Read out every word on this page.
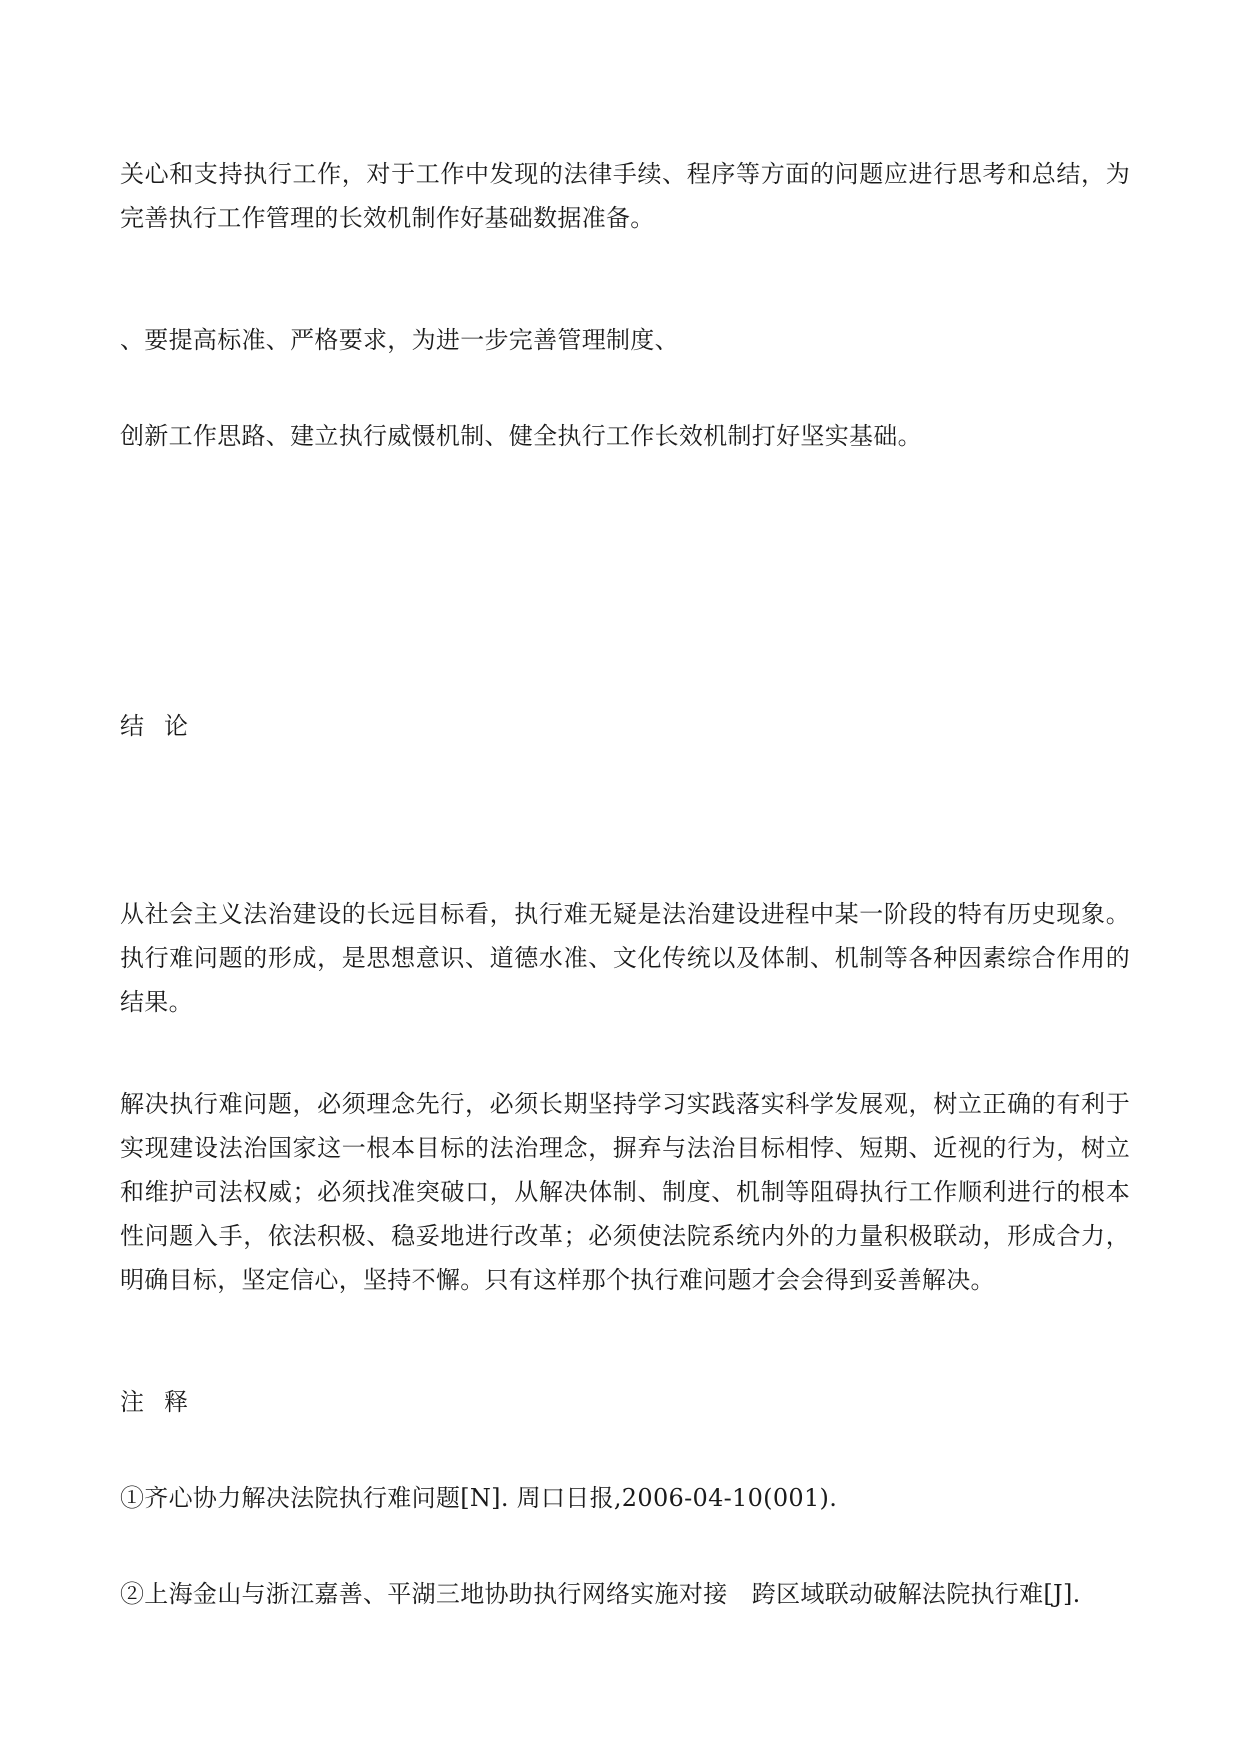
关心和支持执行工作，对于工作中发现的法律手续、程序等方面的问题应进行思考和总结，为完善执行工作管理的长效机制作好基础数据准备。

、要提高标准、严格要求，为进一步完善管理制度、

创新工作思路、建立执行威慑机制、健全执行工作长效机制打好坚实基础。

结论

从社会主义法治建设的长远目标看，执行难无疑是法治建设进程中某一阶段的特有历史现象。执行难问题的形成，是思想意识、道德水准、文化传统以及体制、机制等各种因素综合作用的结果。

解决执行难问题，必须理念先行，必须长期坚持学习实践落实科学发展观，树立正确的有利于实现建设法治国家这一根本目标的法治理念，摒弃与法治目标相悖、短期、近视的行为，树立和维护司法权威；必须找准突破口，从解决体制、制度、机制等阻碍执行工作顺利进行的根本性问题入手，依法积极、稳妥地进行改革；必须使法院系统内外的力量积极联动，形成合力，明确目标，坚定信心，坚持不懈。只有这样那个执行难问题才会会得到妥善解决。

注释

①齐心协力解决法院执行难问题[N]. 周口日报,2006-04-10(001).

②上海金山与浙江嘉善、平湖三地协助执行网络实施对接　跨区域联动破解法院执行难[J].
